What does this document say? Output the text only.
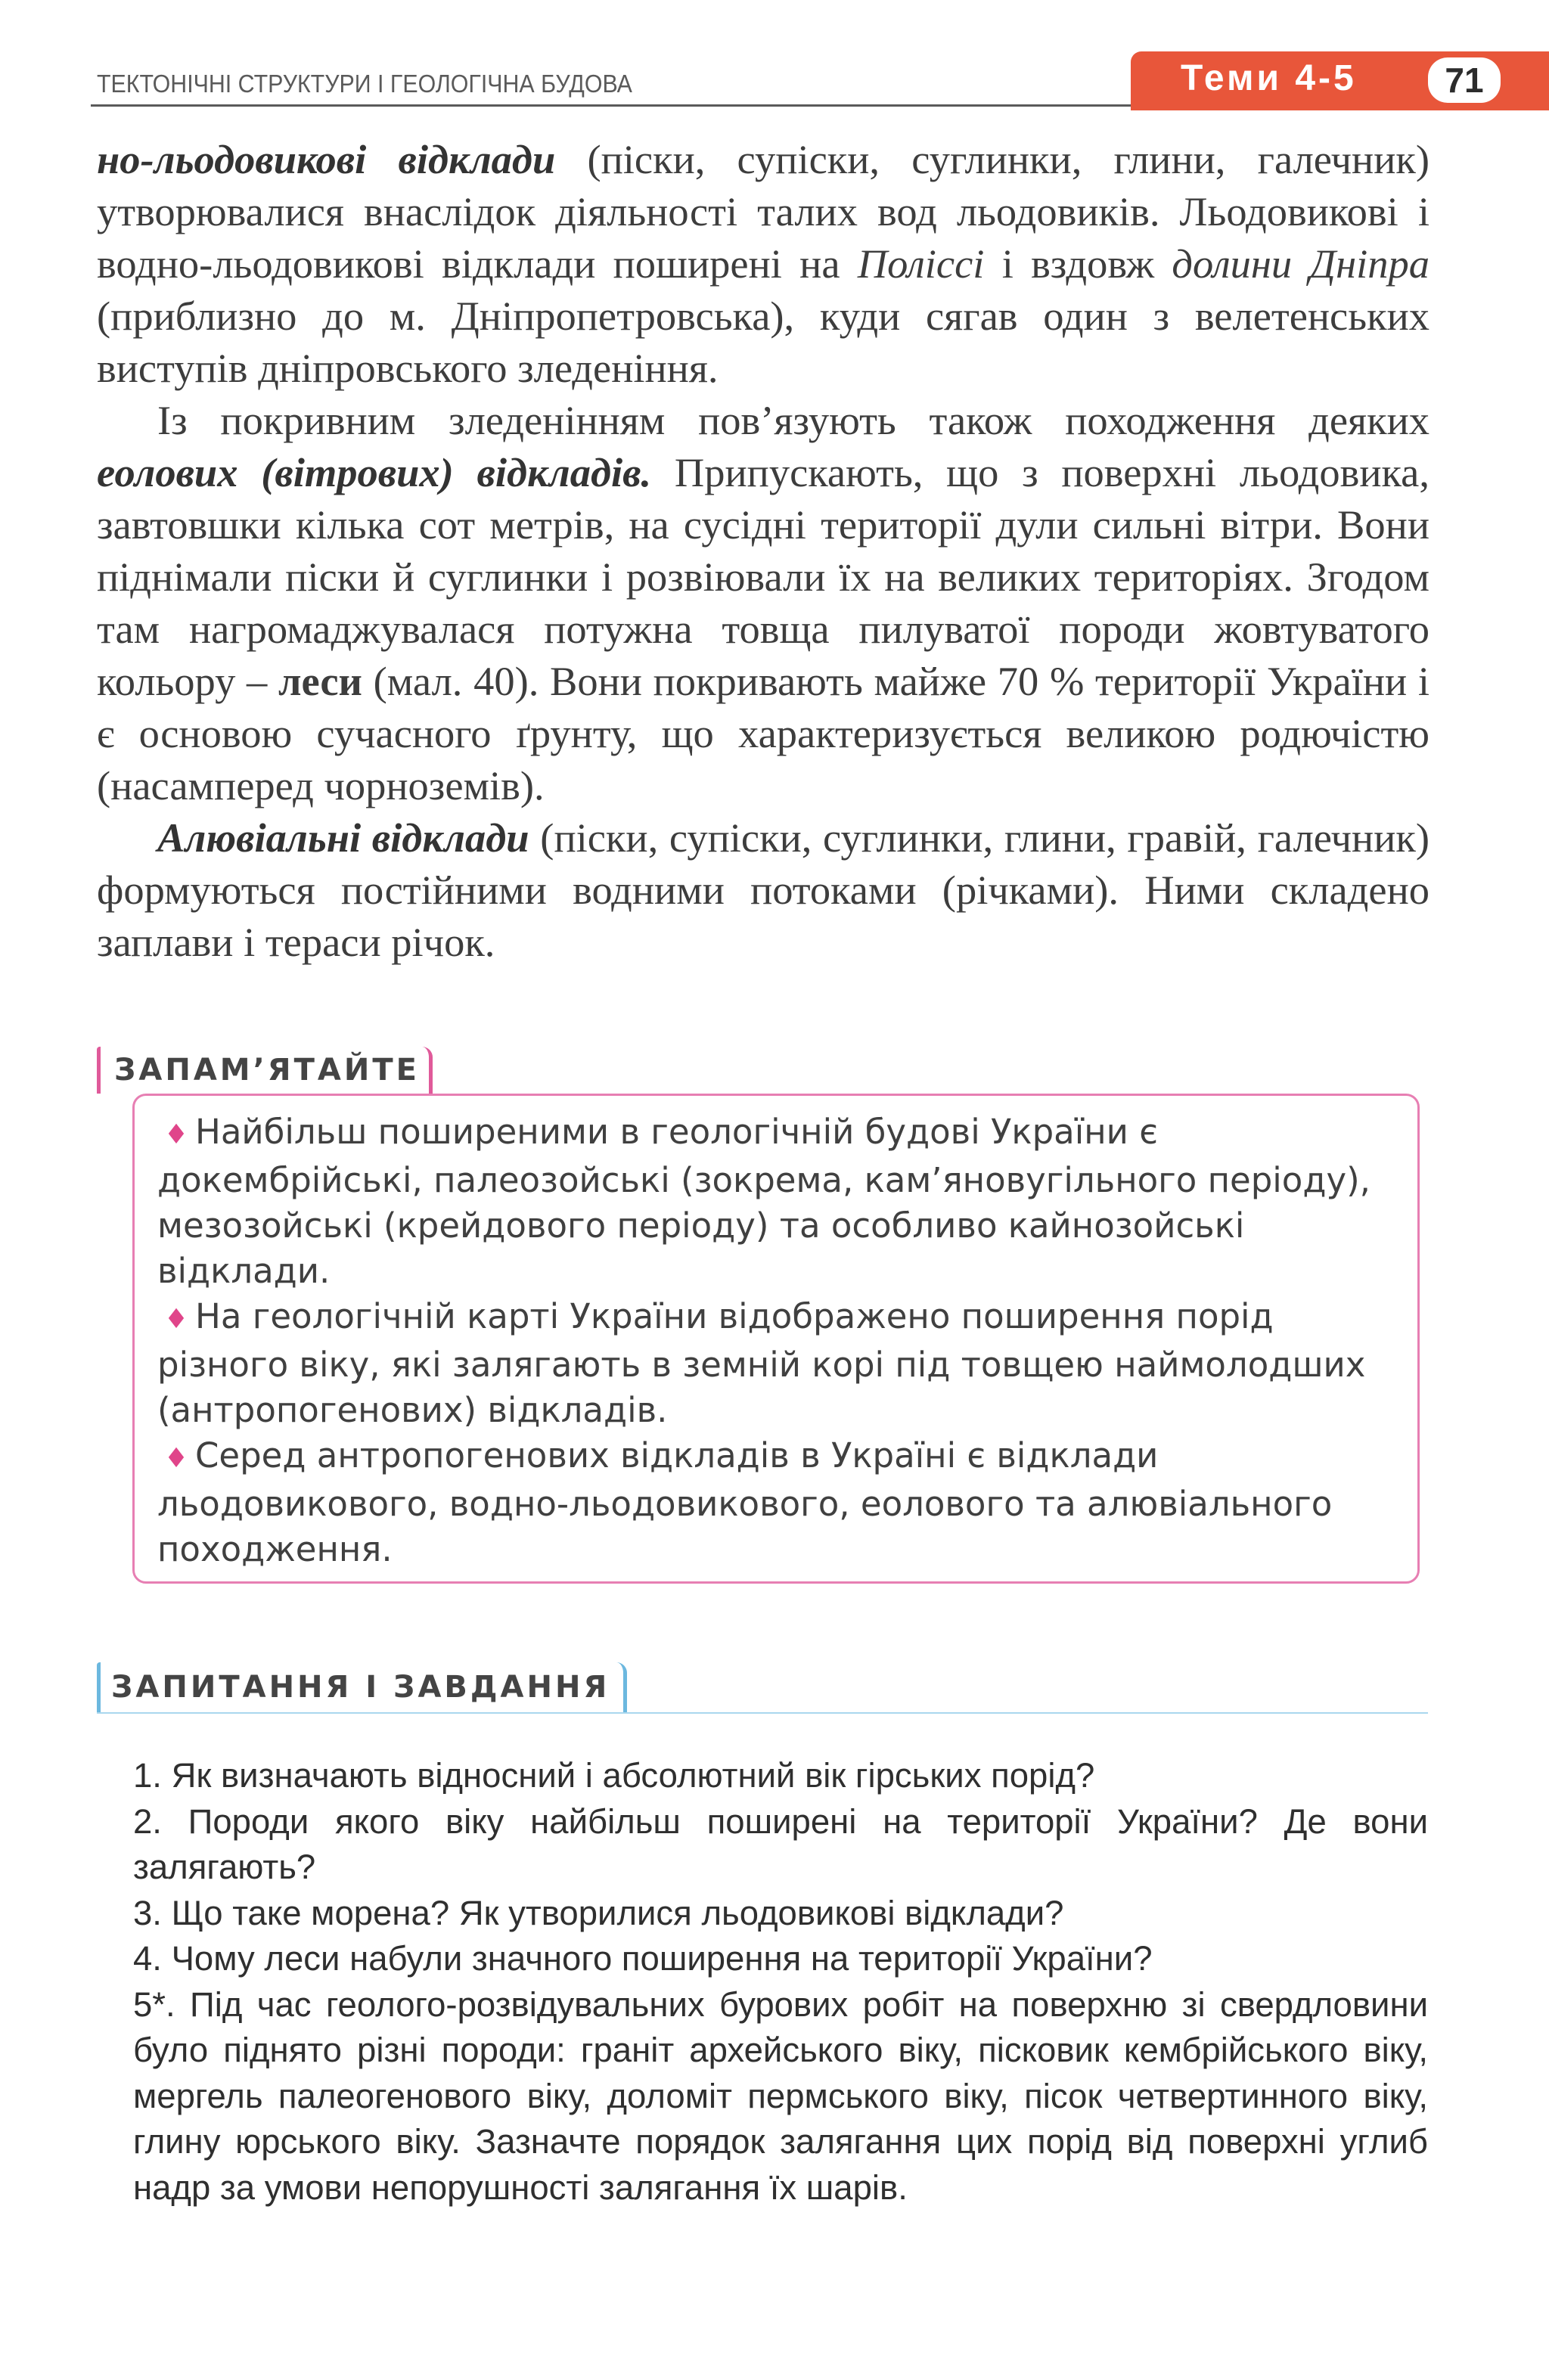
ТЕКТОНІЧНІ СТРУКТУРИ І ГЕОЛОГІЧНА БУДОВА	Теми 4-5	71

но-льодовикові відклади (піски, супіски, суглинки, глини, галечник) утворювалися внаслідок діяльності талих вод льодовиків. Льодовикові і водно-льодовикові відклади поширені на Поліссі і вздовж долини Дніпра (приблизно до м. Дніпропетровська), куди сягав один з велетенських виступів дніпровського зледеніння.

Із покривним зледенінням пов’язують також походження деяких еолових (вітрових) відкладів. Припускають, що з поверхні льодовика, завтовшки кілька сот метрів, на сусідні території дули сильні вітри. Вони піднімали піски й суглинки і розвіювали їх на великих територіях. Згодом там нагромаджувалася потужна товща пилуватої породи жовтуватого кольору – леси (мал. 40). Вони покривають майже 70 % території України і є основою сучасного ґрунту, що характеризується великою родючістю (насамперед чорноземів).

Алювіальні відклади (піски, супіски, суглинки, глини, гравій, галечник) формуються постійними водними потоками (річками). Ними складено заплави і тераси річок.

ЗАПАМ’ЯТАЙТЕ

♦ Найбільш поширеними в геологічній будові України є докембрійські, палеозойські (зокрема, кам’яновугільного періоду), мезозойські (крейдового періоду) та особливо кайнозойські відклади.

♦ На геологічній карті України відображено поширення порід різного віку, які залягають в земній корі під товщею наймолодших (антропогенових) відкладів.

♦ Серед антропогенових відкладів в Україні є відклади льодовикового, водно-льодовикового, еолового та алювіального походження.

ЗАПИТАННЯ І ЗАВДАННЯ

1. Як визначають відносний і абсолютний вік гірських порід?

2. Породи якого віку найбільш поширені на території України? Де вони залягають?

3. Що таке морена? Як утворилися льодовикові відклади?

4. Чому леси набули значного поширення на території України?

5*. Під час геолого-розвідувальних бурових робіт на поверхню зі свердловини було піднято різні породи: граніт архейського віку, пісковик кембрійського віку, мергель палеогенового віку, доломіт пермського віку, пісок четвертинного віку, глину юрського віку. Зазначте порядок залягання цих порід від поверхні углиб надр за умови непорушності залягання їх шарів.
